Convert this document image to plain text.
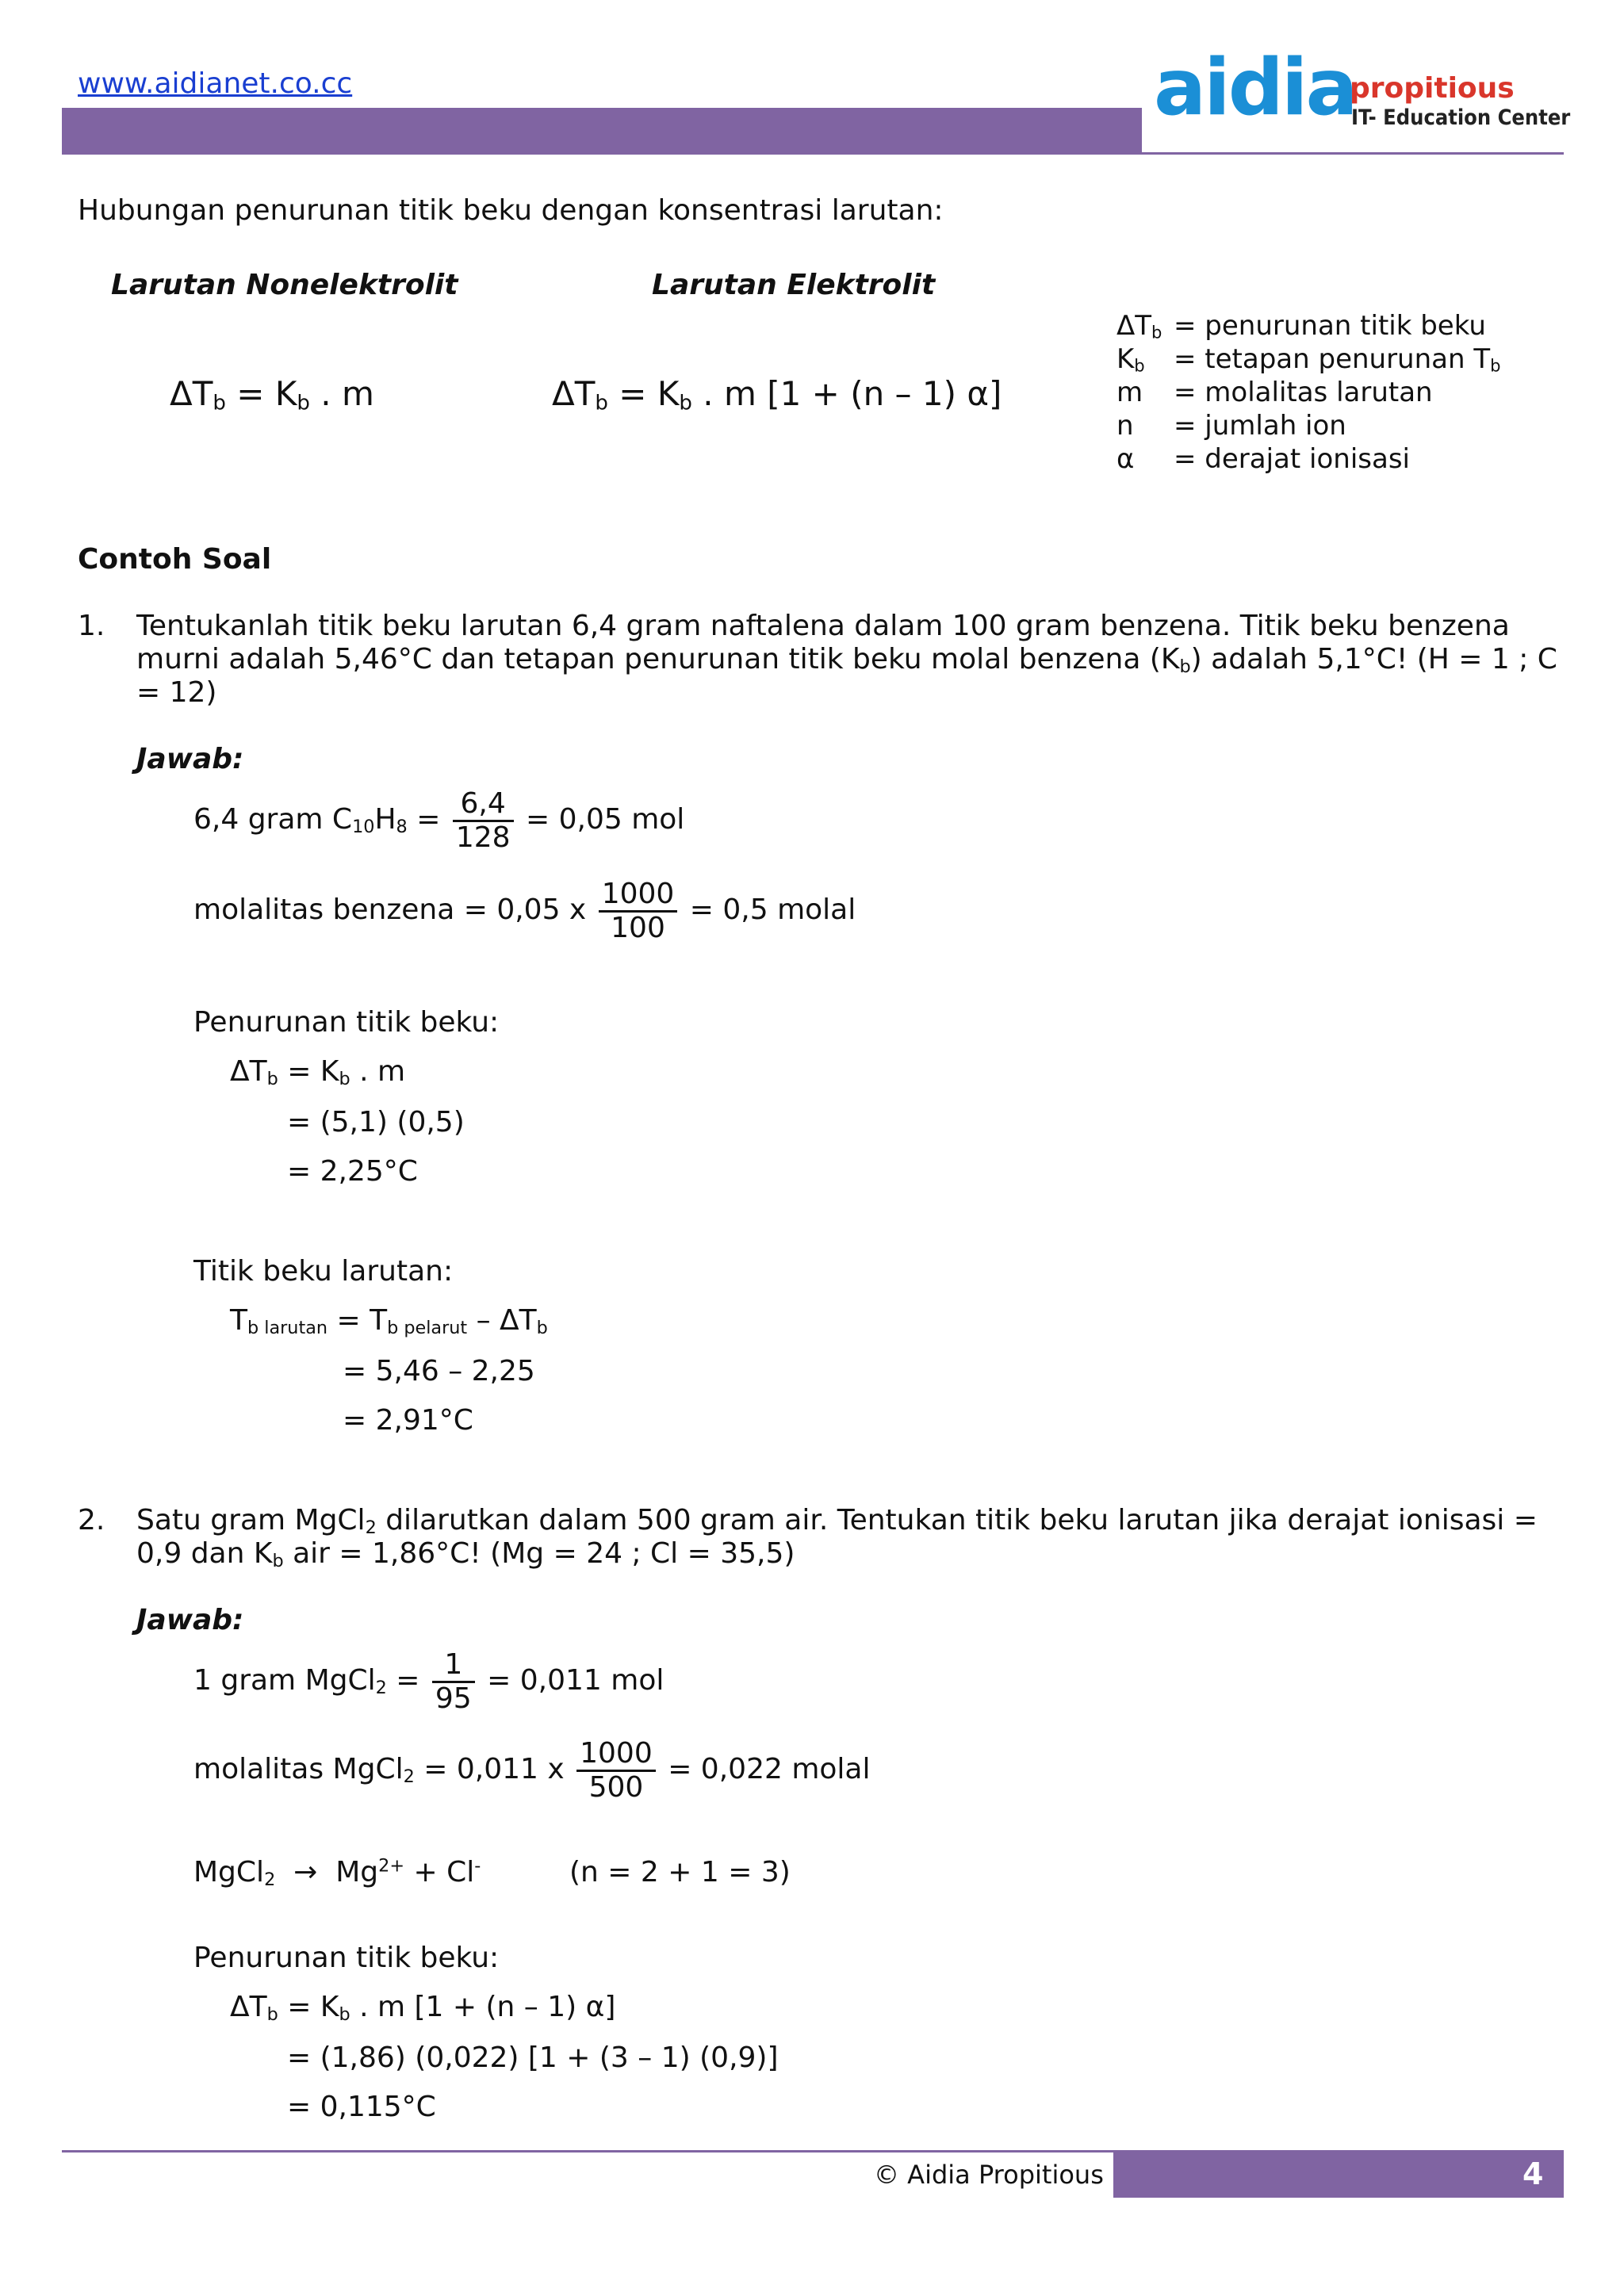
www.aidianet.co.cc	aidia
propitious
IT- Education Center
Hubungan penurunan titik beku dengan konsentrasi larutan:
Larutan Nonelektrolit	Larutan Elektrolit
$\Delta T_b = K_b$ . m	$\Delta T_b = K_b$ . m [1 + (n – 1) α]
$\Delta T_b$	= penurunan titik beku
$K_b$	= tetapan penurunan $T_b$
m	= molalitas larutan
n	= jumlah ion
α	= derajat ionisasi
Contoh Soal
1. Tentukanlah titik beku larutan 6,4 gram naftalena dalam 100 gram benzena. Titik beku benzena
murni adalah 5,46°C dan tetapan penurunan titik beku molal benzena $(K_b)$ adalah 5,1°C! (H = 1 ; C
= 12)
Jawab:
6,4 gram $C_{10}H_8 = \frac{6,4}{128} = 0,05$ mol
molalitas benzena = 0,05 x $\frac{1000}{100} = 0,5$ molal
Penurunan titik beku:
$\Delta T_b = K_b$ . m
= (5,1) (0,5)
= 2,25°C
Titik beku larutan:
$T_{b larutan} = T_{b pelarut} - \Delta T_b$
= 5,46 – 2,25
= 2,91°C
2. Satu gram MgCl$_2$ dilarutkan dalam 500 gram air. Tentukan titik beku larutan jika derajat ionisasi =
0,9 dan $K_b$ air = 1,86°C! (Mg = 24 ; Cl = 35,5)
Jawab:
1 gram MgCl$_2$ = $\frac{1}{95} = 0,011$ mol
molalitas MgCl$_2$ = 0,011 x $\frac{1000}{500} = 0,022$ molal
MgCl$_2$ →  $Mg^{2+} + Cl^-$	(n = 2 + 1 = 3)
Penurunan titik beku:
$\Delta T_b = K_b$ . m [1 + (n – 1) α]
= (1,86) (0,022) [1 + (3 – 1) (0,9)]
= 0,115°C
© Aidia Propitious	4
